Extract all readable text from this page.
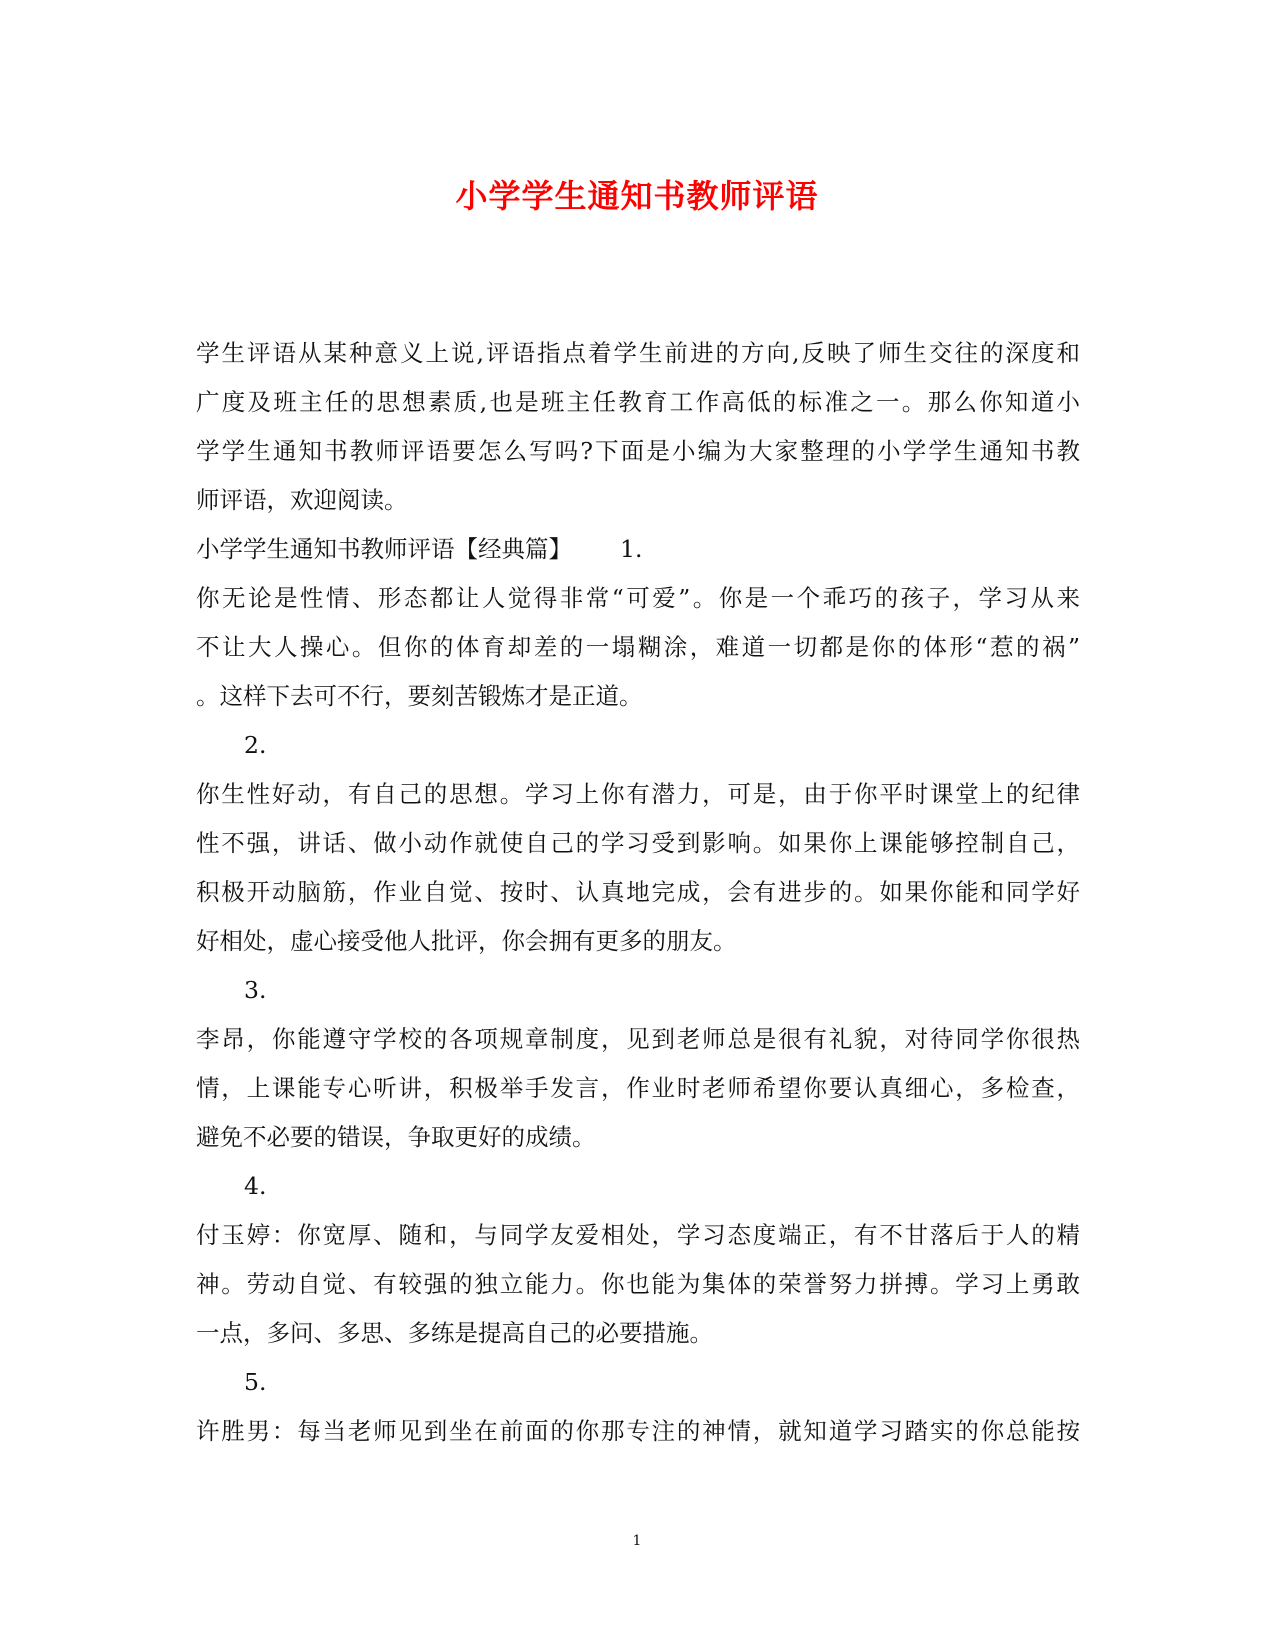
小学学生通知书教师评语
学生评语从某种意义上说,评语指点着学生前进的方向,反映了师生交往的深度和
广度及班主任的思想素质,也是班主任教育工作高低的标准之一。那么你知道小
学学生通知书教师评语要怎么写吗?下面是小编为大家整理的小学学生通知书教
师评语，欢迎阅读。
小学学生通知书教师评语【经典篇】 1.
你无论是性情、形态都让人觉得非常“可爱”。你是一个乖巧的孩子，学习从来
不让大人操心。但你的体育却差的一塌糊涂，难道一切都是你的体形“惹的祸”
。这样下去可不行，要刻苦锻炼才是正道。
2.
你生性好动，有自己的思想。学习上你有潜力，可是，由于你平时课堂上的纪律
性不强，讲话、做小动作就使自己的学习受到影响。如果你上课能够控制自己，
积极开动脑筋，作业自觉、按时、认真地完成，会有进步的。如果你能和同学好
好相处，虚心接受他人批评，你会拥有更多的朋友。
3.
李昂，你能遵守学校的各项规章制度，见到老师总是很有礼貌，对待同学你很热
情，上课能专心听讲，积极举手发言，作业时老师希望你要认真细心，多检查，
避免不必要的错误，争取更好的成绩。
4.
付玉婷：你宽厚、随和，与同学友爱相处，学习态度端正，有不甘落后于人的精
神。劳动自觉、有较强的独立能力。你也能为集体的荣誉努力拼搏。学习上勇敢
一点，多问、多思、多练是提高自己的必要措施。
5.
许胜男：每当老师见到坐在前面的你那专注的神情，就知道学习踏实的你总能按
1
